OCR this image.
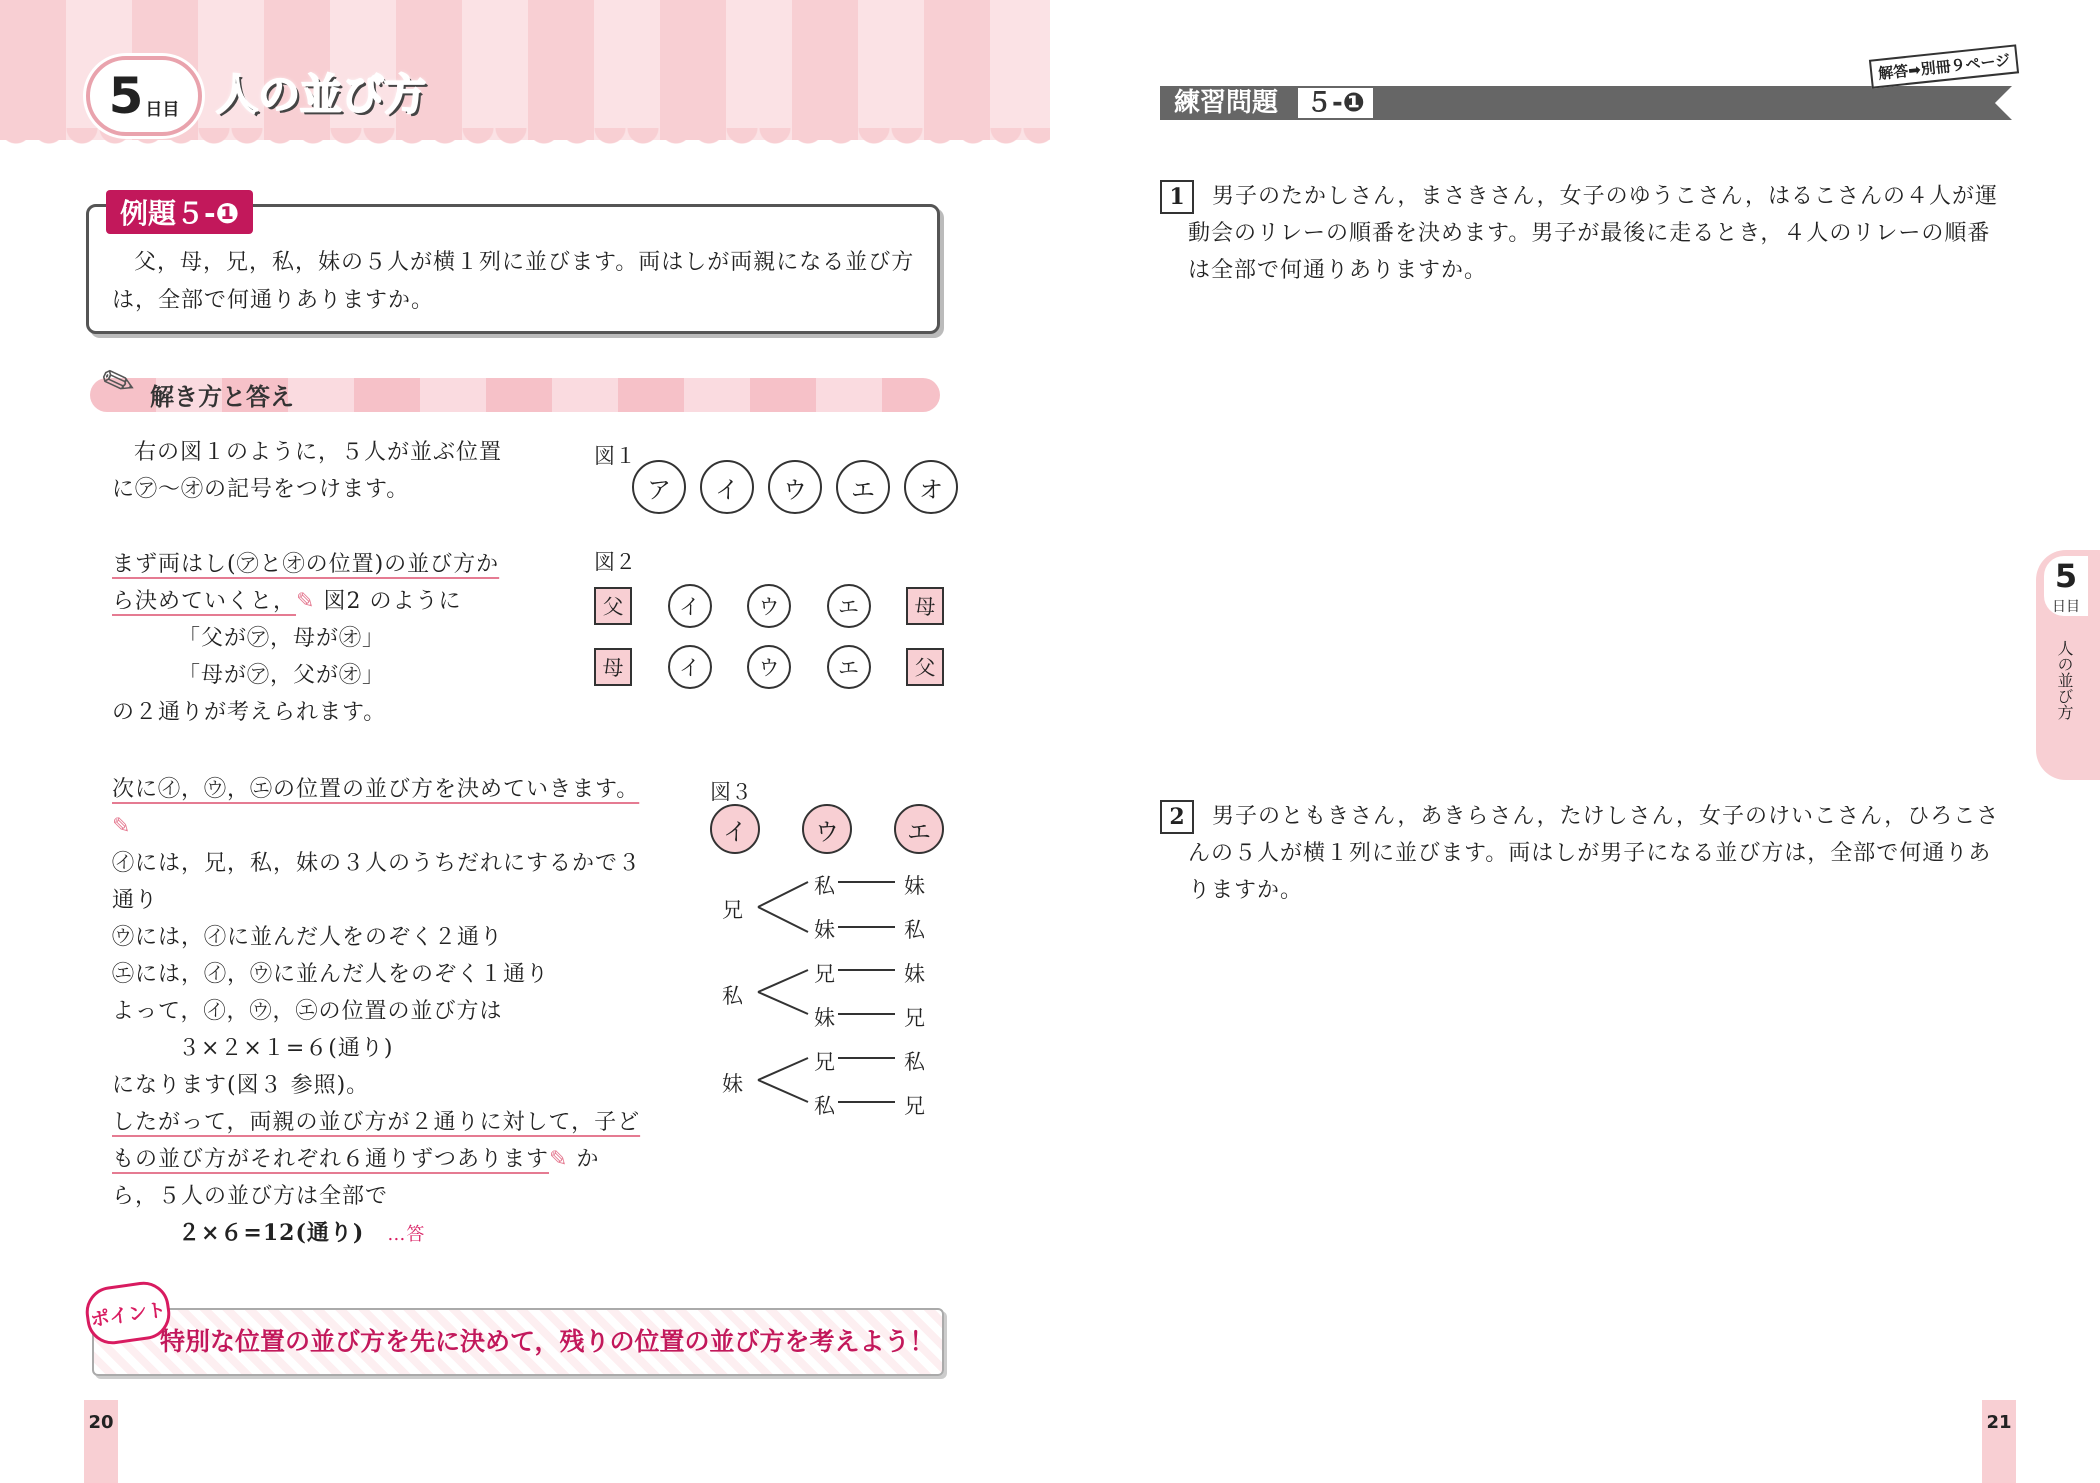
5 日目 人の並び方
例題５-❶
父，母，兄，私，妹の５人が横１列に並びます。両はしが両親になる並び方
は，全部で何通りありますか。
✎ 解き方と答え
右の図１のように，５人が並ぶ位置
に㋐〜㋔の記号をつけます。
図１
ア	イ	ウ	エ	オ
まず両はし(㋐と㋔の位置)の並び方か
ら決めていくと，✎ 図2 のように
「父が㋐，母が㋔」
「母が㋐，父が㋔」
の２通りが考えられます。
図２
父	イ	ウ	エ	母
母	イ	ウ	エ	父
次に㋑，㋒，㋓の位置の並び方を決めていきます。✎
㋑には，兄，私，妹の３人のうちだれにするかで３
通り
㋒には，㋑に並んだ人をのぞく２通り
㋓には，㋑，㋒に並んだ人をのぞく１通り
よって，㋑，㋒，㋓の位置の並び方は
３×２×１=６(通り)
になります(図３ 参照)。
したがって，両親の並び方が２通りに対して，子ど
もの並び方がそれぞれ６通りずつあります✎ か
ら，５人の並び方は全部で
２×６=12(通り)　 …答
図３
イ	ウ	エ
兄
私	妹
妹	私
私
兄	妹
妹	兄
妹
兄	私
私	兄
ポイント
特別な位置の並び方を先に決めて，残りの位置の並び方を考えよう！
20	21
練習問題	５-❶
解答➡別冊９ページ
1	男子のたかしさん，まさきさん，女子のゆうこさん，はるこさんの４人が運
動会のリレーの順番を決めます。男子が最後に走るとき，４人のリレーの順番
は全部で何通りありますか。
2	男子のともきさん，あきらさん，たけしさん，女子のけいこさん，ひろこさ
んの５人が横１列に並びます。両はしが男子になる並び方は，全部で何通りあ
りますか。
5
日目
人の並び方
